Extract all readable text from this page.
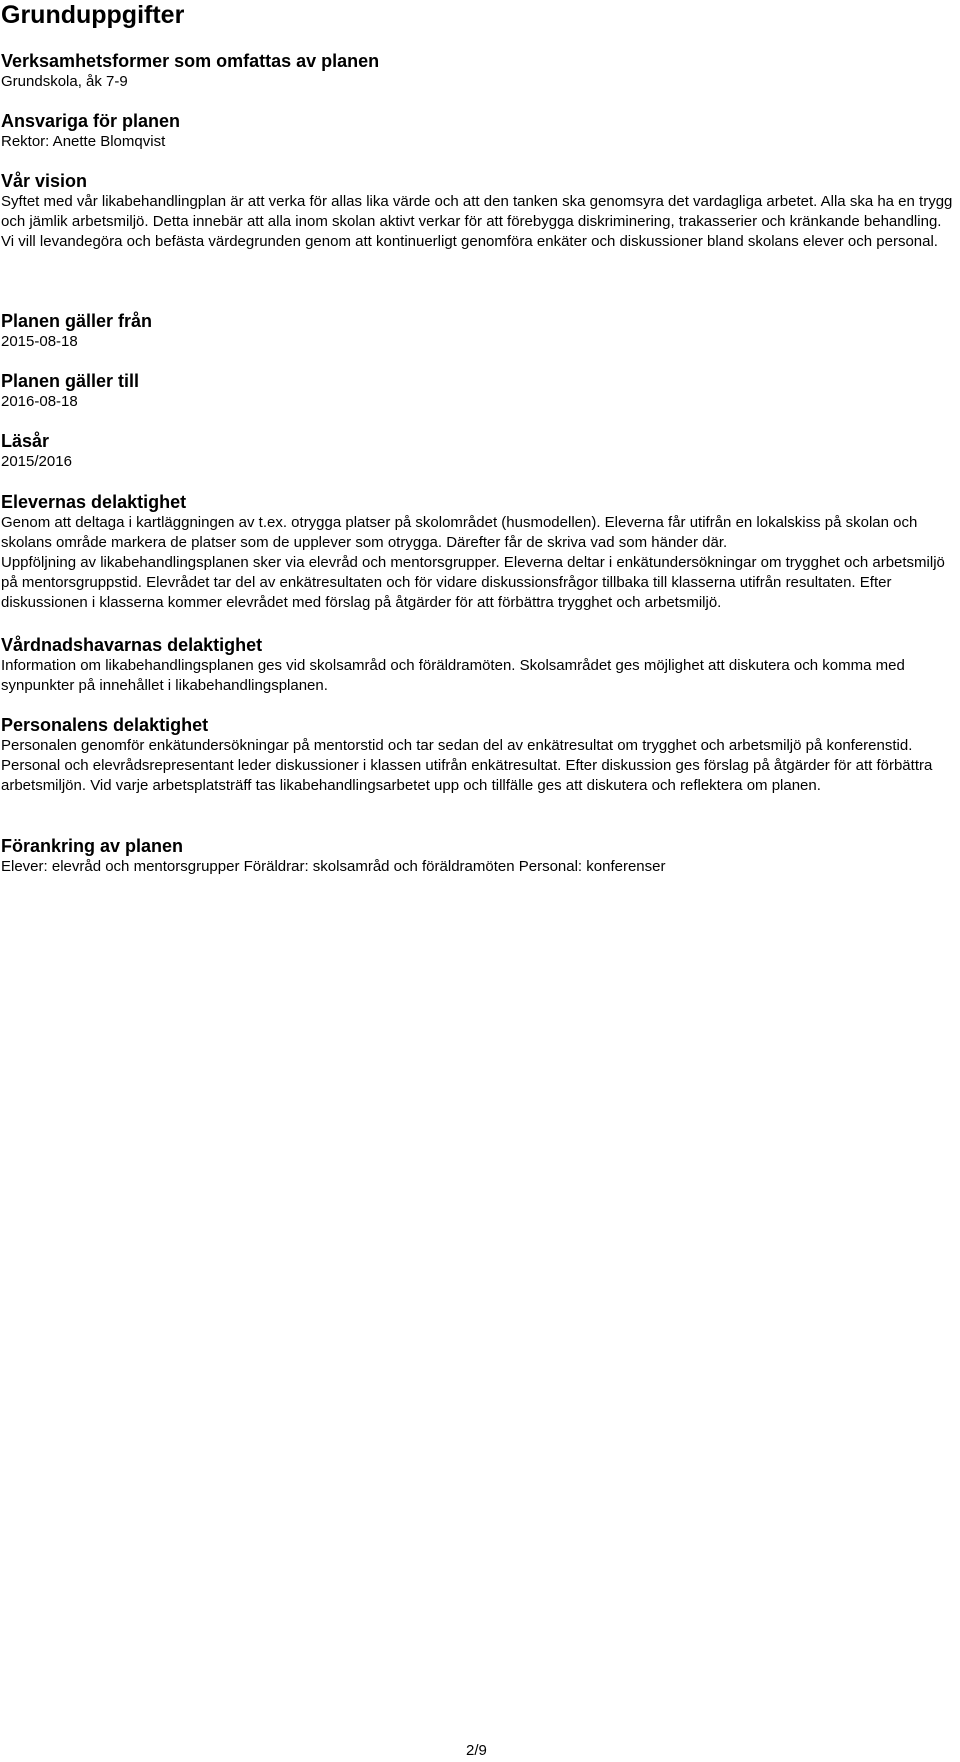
Grunduppgifter
Verksamhetsformer som omfattas av planen

Grundskola, åk 7-9

Ansvariga för planen

Rektor: Anette Blomqvist

Vår vision

Syftet med vår likabehandlingplan är att verka för allas lika värde och att den tanken ska genomsyra det vardagliga arbetet. Alla ska ha en trygg och jämlik arbetsmiljö. Detta innebär att alla inom skolan aktivt verkar för att förebygga diskriminering, trakasserier och kränkande behandling.

Vi vill levandegöra och befästa värdegrunden genom att kontinuerligt genomföra enkäter och diskussioner bland skolans elever och personal.

Planen gäller från

2015-08-18

Planen gäller till

2016-08-18

Läsår

2015/2016

Elevernas delaktighet

Genom att deltaga i kartläggningen av t.ex. otrygga platser på skolområdet (husmodellen). Eleverna får utifrån en lokalskiss på skolan och skolans område markera de platser som de upplever som otrygga. Därefter får de skriva vad som händer där.

Uppföljning av likabehandlingsplanen sker via elevråd och mentorsgrupper. Eleverna deltar i enkätundersökningar om trygghet och arbetsmiljö på mentorsgruppstid. Elevrådet tar del av enkätresultaten och för vidare diskussionsfrågor tillbaka till klasserna utifrån resultaten. Efter diskussionen i klasserna kommer elevrådet med förslag på åtgärder för att förbättra trygghet och arbetsmiljö.

Vårdnadshavarnas delaktighet

Information om likabehandlingsplanen ges vid skolsamråd och föräldramöten. Skolsamrådet ges möjlighet att diskutera och komma med synpunkter på innehållet i likabehandlingsplanen.

Personalens delaktighet

Personalen genomför enkätundersökningar på mentorstid och tar sedan del av enkätresultat om trygghet och arbetsmiljö på konferenstid. Personal och elevrådsrepresentant leder diskussioner i klassen utifrån enkätresultat. Efter diskussion ges förslag på åtgärder för att förbättra arbetsmiljön. Vid varje arbetsplatsträff tas likabehandlingsarbetet upp och tillfälle ges att diskutera och reflektera om planen.

Förankring av planen

Elever: elevråd och mentorsgrupper Föräldrar: skolsamråd och föräldramöten Personal: konferenser

2/9
